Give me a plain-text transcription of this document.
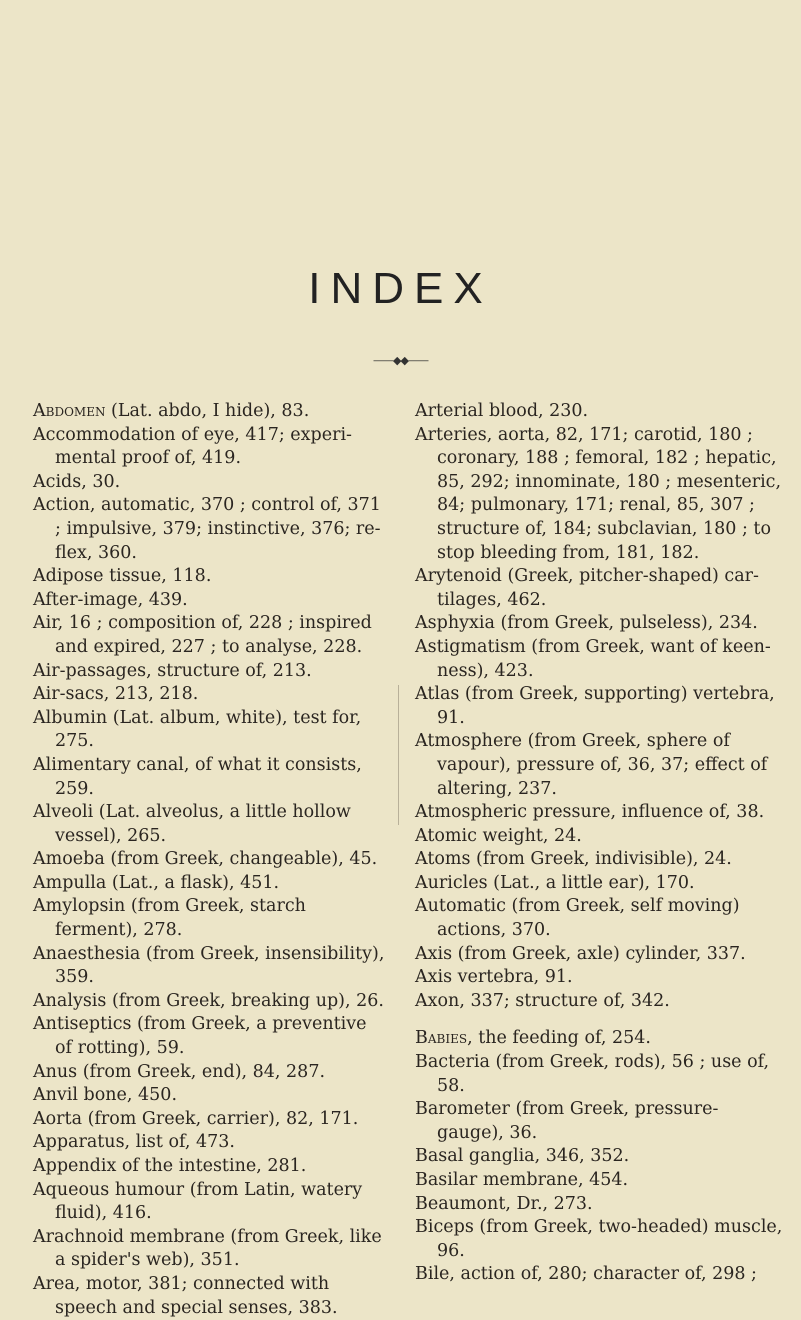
INDEX
——◆◆——

Abdomen (Lat. abdo, I hide), 83.

Accommodation of eye, 417; experi-mental proof of, 419.

Acids, 30.

Action, automatic, 370 ; control of, 371 ; impulsive, 379; instinctive, 376; re-flex, 360.

Adipose tissue, 118.

After-image, 439.

Air, 16 ; composition of, 228 ; inspired and expired, 227 ; to analyse, 228.

Air-passages, structure of, 213.

Air-sacs, 213, 218.

Albumin (Lat. album, white), test for, 275.

Alimentary canal, of what it consists, 259.

Alveoli (Lat. alveolus, a little hollow vessel), 265.

Amoeba (from Greek, changeable), 45.

Ampulla (Lat., a flask), 451.

Amylopsin (from Greek, starch ferment), 278.

Anaesthesia (from Greek, insensibility), 359.

Analysis (from Greek, breaking up), 26.

Antiseptics (from Greek, a preventive of rotting), 59.

Anus (from Greek, end), 84, 287.

Anvil bone, 450.

Aorta (from Greek, carrier), 82, 171.

Apparatus, list of, 473.

Appendix of the intestine, 281.

Aqueous humour (from Latin, watery fluid), 416.

Arachnoid membrane (from Greek, like a spider's web), 351.

Area, motor, 381; connected with speech and special senses, 383.

Arterial blood, 230.

Arteries, aorta, 82, 171; carotid, 180 ; coronary, 188 ; femoral, 182 ; hepatic, 85, 292; innominate, 180 ; mesenteric, 84; pulmonary, 171; renal, 85, 307 ; structure of, 184; subclavian, 180 ; to stop bleeding from, 181, 182.

Arytenoid (Greek, pitcher-shaped) car-tilages, 462.

Asphyxia (from Greek, pulseless), 234.

Astigmatism (from Greek, want of keen-ness), 423.

Atlas (from Greek, supporting) vertebra, 91.

Atmosphere (from Greek, sphere of vapour), pressure of, 36, 37; effect of altering, 237.

Atmospheric pressure, influence of, 38.

Atomic weight, 24.

Atoms (from Greek, indivisible), 24.

Auricles (Lat., a little ear), 170.

Automatic (from Greek, self moving) actions, 370.

Axis (from Greek, axle) cylinder, 337.

Axis vertebra, 91.

Axon, 337; structure of, 342.

Babies, the feeding of, 254.

Bacteria (from Greek, rods), 56 ; use of, 58.

Barometer (from Greek, pressure-gauge), 36.

Basal ganglia, 346, 352.

Basilar membrane, 454.

Beaumont, Dr., 273.

Biceps (from Greek, two-headed) muscle, 96.

Bile, action of, 280; character of, 298 ;
